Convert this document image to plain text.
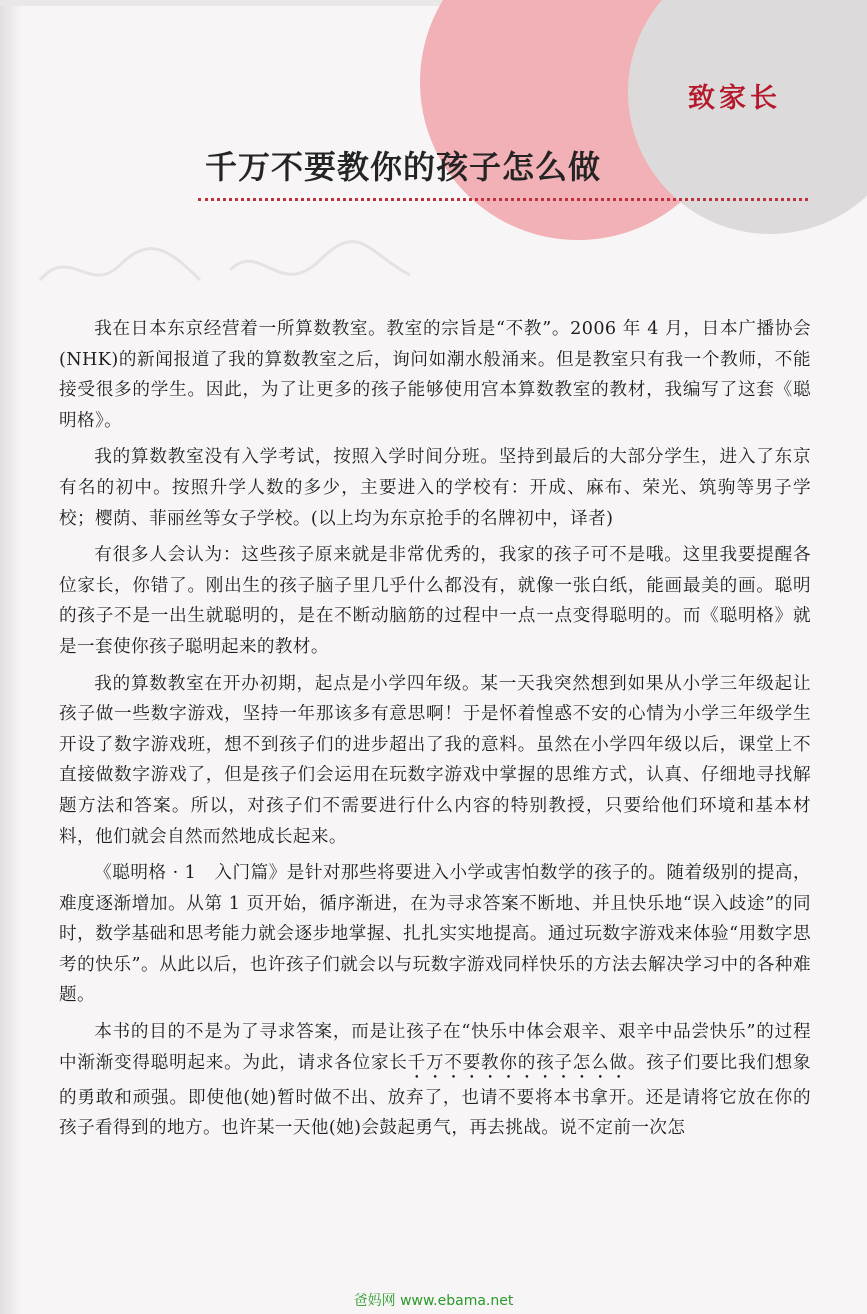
致家长
千万不要教你的孩子怎么做

我在日本东京经营着一所算数教室。教室的宗旨是“不教”。2006 年 4 月，日本广播协会(NHK)的新闻报道了我的算数教室之后，询问如潮水般涌来。但是教室只有我一个教师，不能接受很多的学生。因此，为了让更多的孩子能够使用宫本算数教室的教材，我编写了这套《聪明格》。

我的算数教室没有入学考试，按照入学时间分班。坚持到最后的大部分学生，进入了东京有名的初中。按照升学人数的多少，主要进入的学校有：开成、麻布、荣光、筑驹等男子学校；樱荫、菲丽丝等女子学校。(以上均为东京抢手的名牌初中，译者)

有很多人会认为：这些孩子原来就是非常优秀的，我家的孩子可不是哦。这里我要提醒各位家长，你错了。刚出生的孩子脑子里几乎什么都没有，就像一张白纸，能画最美的画。聪明的孩子不是一出生就聪明的，是在不断动脑筋的过程中一点一点变得聪明的。而《聪明格》就是一套使你孩子聪明起来的教材。

我的算数教室在开办初期，起点是小学四年级。某一天我突然想到如果从小学三年级起让孩子做一些数字游戏，坚持一年那该多有意思啊！于是怀着惶惑不安的心情为小学三年级学生开设了数字游戏班，想不到孩子们的进步超出了我的意料。虽然在小学四年级以后，课堂上不直接做数字游戏了，但是孩子们会运用在玩数字游戏中掌握的思维方式，认真、仔细地寻找解题方法和答案。所以，对孩子们不需要进行什么内容的特别教授，只要给他们环境和基本材料，他们就会自然而然地成长起来。

《聪明格 · 1　入门篇》是针对那些将要进入小学或害怕数学的孩子的。随着级别的提高，难度逐渐增加。从第 1 页开始，循序渐进，在为寻求答案不断地、并且快乐地“误入歧途”的同时，数学基础和思考能力就会逐步地掌握、扎扎实实地提高。通过玩数字游戏来体验“用数字思考的快乐”。从此以后，也许孩子们就会以与玩数字游戏同样快乐的方法去解决学习中的各种难题。

本书的目的不是为了寻求答案，而是让孩子在“快乐中体会艰辛、艰辛中品尝快乐”的过程中渐渐变得聪明起来。为此，请求各位家长千万不要教你的孩子怎么做。孩子们要比我们想象的勇敢和顽强。即使他(她)暂时做不出、放弃了，也请不要将本书拿开。还是请将它放在你的孩子看得到的地方。也许某一天他(她)会鼓起勇气，再去挑战。说不定前一次怎

爸妈网 www.ebama.net
